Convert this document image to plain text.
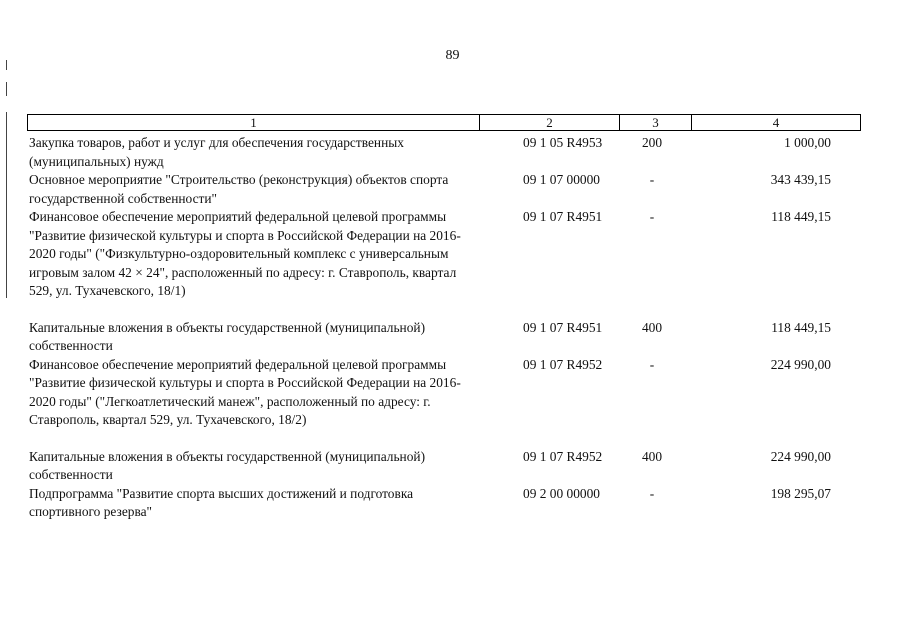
89
1	2	3	4
Закупка товаров, работ и услуг для обеспечения государственных (муниципальных) нужд
09 1 05 R4953	200	1 000,00
Основное мероприятие "Строительство (реконструкция) объектов спорта государственной собственности"
09 1 07 00000	-	343 439,15
Финансовое обеспечение мероприятий федеральной целевой программы "Развитие физической культуры и спорта в Российской Федерации на 2016-2020 годы" ("Физкультурно-оздоровительный комплекс с универсальным игровым залом 42 × 24", расположенный по адресу: г. Ставрополь, квартал 529, ул. Тухачевского, 18/1)
09 1 07 R4951	-	118 449,15
Капитальные вложения в объекты государственной (муниципальной) собственности
09 1 07 R4951	400	118 449,15
Финансовое обеспечение мероприятий федеральной целевой программы "Развитие физической культуры и спорта в Российской Федерации на 2016-2020 годы" ("Легкоатлетический манеж", расположенный по адресу: г. Ставрополь, квартал 529, ул. Тухачевского, 18/2)
09 1 07 R4952	-	224 990,00
Капитальные вложения в объекты государственной (муниципальной) собственности
09 1 07 R4952	400	224 990,00
Подпрограмма "Развитие спорта высших достижений и подготовка спортивного резерва"
09 2 00 00000	-	198 295,07
